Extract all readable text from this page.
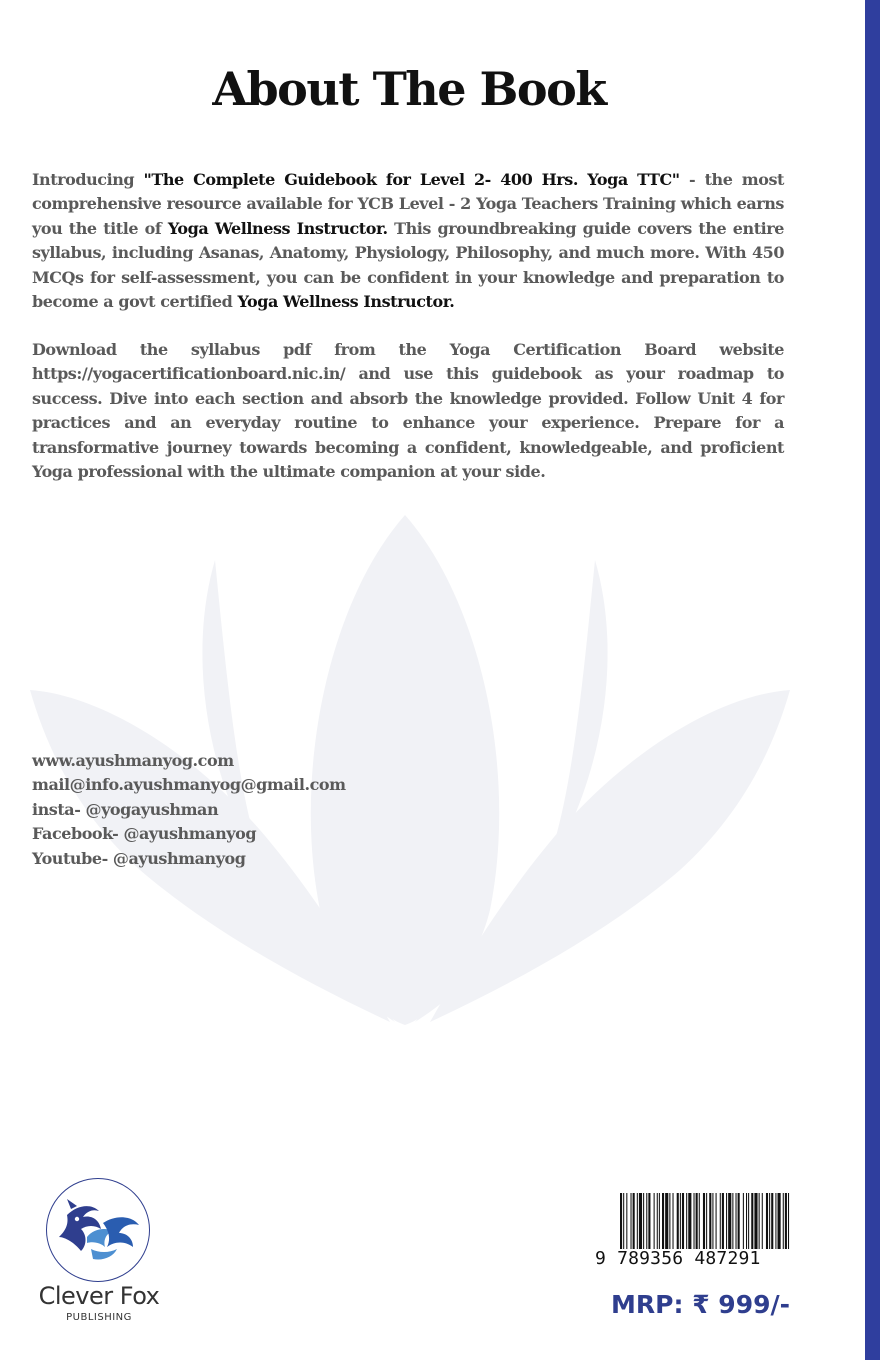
About The Book

Introducing "The Complete Guidebook for Level 2- 400 Hrs. Yoga TTC" - the most comprehensive resource available for YCB Level - 2 Yoga Teachers Training which earns you the title of Yoga Wellness Instructor. This groundbreaking guide covers the entire syllabus, including Asanas, Anatomy, Physiology, Philosophy, and much more. With 450 MCQs for self-assessment, you can be confident in your knowledge and preparation to become a govt certified Yoga Wellness Instructor.

Download the syllabus pdf from the Yoga Certification Board website https://yogacertificationboard.nic.in/ and use this guidebook as your roadmap to success. Dive into each section and absorb the knowledge provided. Follow Unit 4 for practices and an everyday routine to enhance your experience. Prepare for a transformative journey towards becoming a confident, knowledgeable, and proficient Yoga professional with the ultimate companion at your side.

www.ayushmanyog.com
mail@info.ayushmanyog@gmail.com
insta- @yogayushman
Facebook- @ayushmanyog
Youtube- @ayushmanyog
Clever Fox
PUBLISHING
9 789356 487291
MRP: ₹ 999/-
